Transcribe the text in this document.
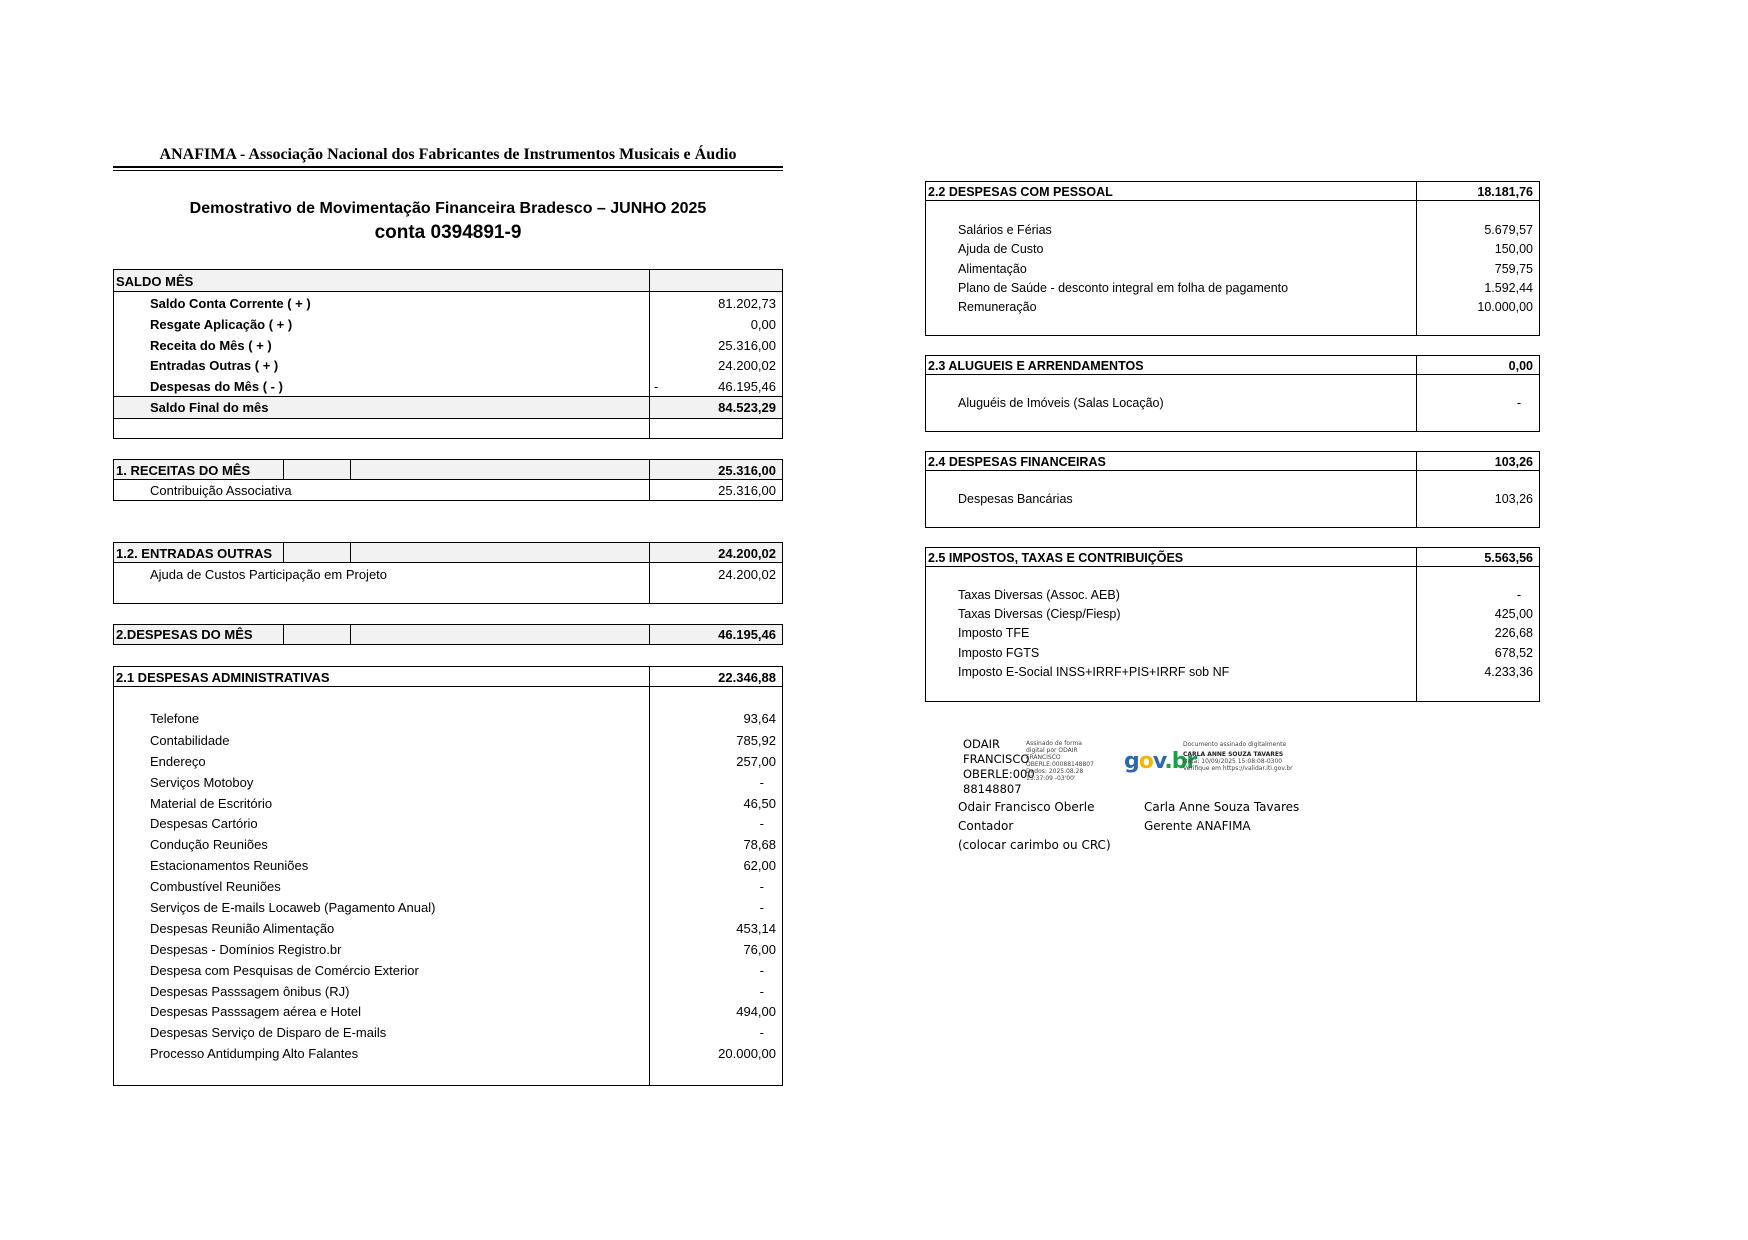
ANAFIMA - Associação Nacional dos Fabricantes de Instrumentos Musicais e Áudio
Demostrativo de Movimentação Financeira Bradesco – JUNHO 2025
conta 0394891-9
SALDO MÊS
Saldo Conta Corrente ( + )	81.202,73
Resgate Aplicação ( + )	0,00
Receita do Mês ( + )	25.316,00
Entradas Outras ( + )	24.200,02
Despesas do Mês ( - )	-	46.195,46
Saldo Final do mês	84.523,29
1. RECEITAS DO MÊS	25.316,00
Contribuição Associativa	25.316,00
1.2. ENTRADAS OUTRAS	24.200,02
Ajuda de Custos Participação em Projeto	24.200,02
2.DESPESAS DO MÊS	46.195,46
2.1 DESPESAS ADMINISTRATIVAS	22.346,88
Telefone	93,64
Contabilidade	785,92
Endereço	257,00
Serviços Motoboy	-
Material de Escritório	46,50
Despesas Cartório	-
Condução Reuniões	78,68
Estacionamentos Reuniões	62,00
Combustível Reuniões	-
Serviços de E-mails Locaweb (Pagamento Anual)	-
Despesas Reunião Alimentação	453,14
Despesas - Domínios Registro.br	76,00
Despesa com Pesquisas de Comércio Exterior	-
Despesas Passsagem ônibus (RJ)	-
Despesas Passsagem aérea e Hotel	494,00
Despesas Serviço de Disparo de E-mails	-
Processo Antidumping Alto Falantes	20.000,00
2.2 DESPESAS COM PESSOAL	18.181,76
Salários e Férias	5.679,57
Ajuda de Custo	150,00
Alimentação	759,75
Plano de Saúde - desconto integral em folha de pagamento	1.592,44
Remuneração	10.000,00
2.3 ALUGUEIS E ARRENDAMENTOS	0,00
Aluguéis de Imóveis (Salas Locação)	-
2.4 DESPESAS FINANCEIRAS	103,26
Despesas Bancárias	103,26
2.5 IMPOSTOS, TAXAS E CONTRIBUIÇÕES	5.563,56
Taxas Diversas (Assoc. AEB)	-
Taxas Diversas (Ciesp/Fiesp)	425,00
Imposto TFE	226,68
Imposto FGTS	678,52
Imposto E-Social INSS+IRRF+PIS+IRRF sob NF	4.233,36
ODAIR
FRANCISCO
OBERLE:000
88148807
Assinado de forma
digital por ODAIR
FRANCISCO
OBERLE:00088148807
Dados: 2025.08.28
13:37:09 -03'00'
gov.br
Documento assinado digitalmente
CARLA ANNE SOUZA TAVARES
Data: 10/09/2025 15:08:08-0300
Verifique em https://validar.iti.gov.br
Odair Francisco Oberle
Contador
(colocar carimbo ou CRC)
Carla Anne Souza Tavares
Gerente ANAFIMA
